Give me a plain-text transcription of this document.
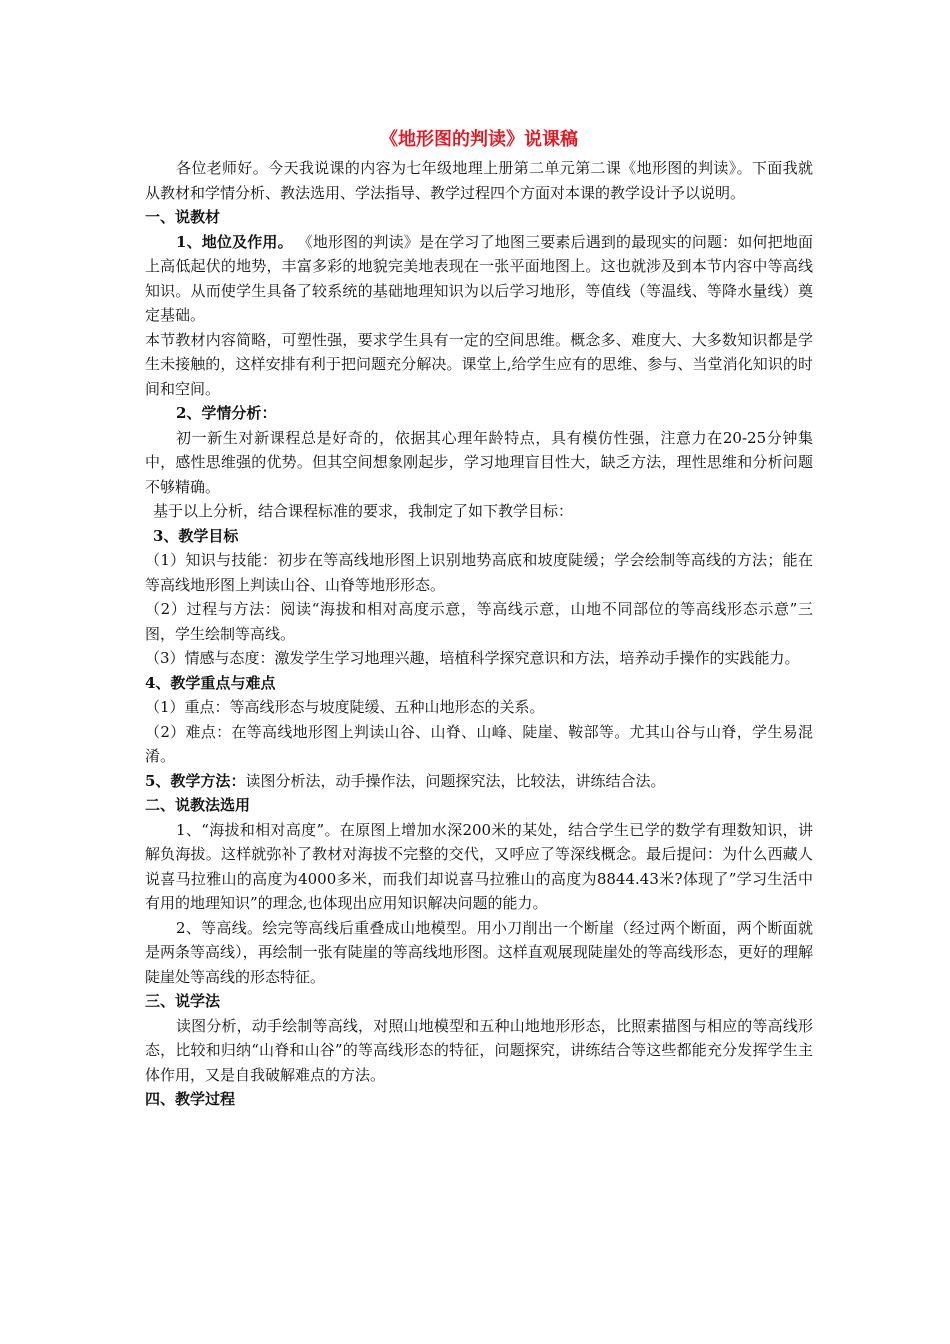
《地形图的判读》说课稿

各位老师好。今天我说课的内容为七年级地理上册第二单元第二课《地形图的判读》。下面我就从教材和学情分析、教法选用、学法指导、教学过程四个方面对本课的教学设计予以说明。

一、说教材

1、地位及作用。 《地形图的判读》是在学习了地图三要素后遇到的最现实的问题：如何把地面上高低起伏的地势，丰富多彩的地貌完美地表现在一张平面地图上。这也就涉及到本节内容中等高线知识。从而使学生具备了较系统的基础地理知识为以后学习地形，等值线（等温线、等降水量线）奠定基础。

本节教材内容简略，可塑性强，要求学生具有一定的空间思维。概念多、难度大、大多数知识都是学生未接触的，这样安排有利于把问题充分解决。课堂上,给学生应有的思维、参与、当堂消化知识的时间和空间。

2、学情分析：

初一新生对新课程总是好奇的，依据其心理年龄特点，具有模仿性强，注意力在20-25分钟集中，感性思维强的优势。但其空间想象刚起步，学习地理盲目性大，缺乏方法，理性思维和分析问题不够精确。

基于以上分析，结合课程标准的要求，我制定了如下教学目标：

3、教学目标

（1）知识与技能：初步在等高线地形图上识别地势高底和坡度陡缓；学会绘制等高线的方法；能在等高线地形图上判读山谷、山脊等地形形态。

（2）过程与方法：阅读“海拔和相对高度示意，等高线示意，山地不同部位的等高线形态示意”三图，学生绘制等高线。

（3）情感与态度：激发学生学习地理兴趣，培植科学探究意识和方法，培养动手操作的实践能力。

4、教学重点与难点

（1）重点：等高线形态与坡度陡缓、五种山地形态的关系。

（2）难点：在等高线地形图上判读山谷、山脊、山峰、陡崖、鞍部等。尤其山谷与山脊，学生易混淆。

5、教学方法：读图分析法，动手操作法，问题探究法，比较法，讲练结合法。

二、说教法选用

1、“海拔和相对高度”。在原图上增加水深200米的某处，结合学生已学的数学有理数知识，讲解负海拔。这样就弥补了教材对海拔不完整的交代，又呼应了等深线概念。最后提问：为什么西藏人说喜马拉雅山的高度为4000多米，而我们却说喜马拉雅山的高度为8844.43米?体现了”学习生活中有用的地理知识”的理念,也体现出应用知识解决问题的能力。

2、等高线。绘完等高线后重叠成山地模型。用小刀削出一个断崖（经过两个断面，两个断面就是两条等高线），再绘制一张有陡崖的等高线地形图。这样直观展现陡崖处的等高线形态，更好的理解陡崖处等高线的形态特征。

三、说学法

读图分析，动手绘制等高线，对照山地模型和五种山地地形形态，比照素描图与相应的等高线形态，比较和归纳“山脊和山谷”的等高线形态的特征，问题探究，讲练结合等这些都能充分发挥学生主体作用，又是自我破解难点的方法。

四、教学过程
